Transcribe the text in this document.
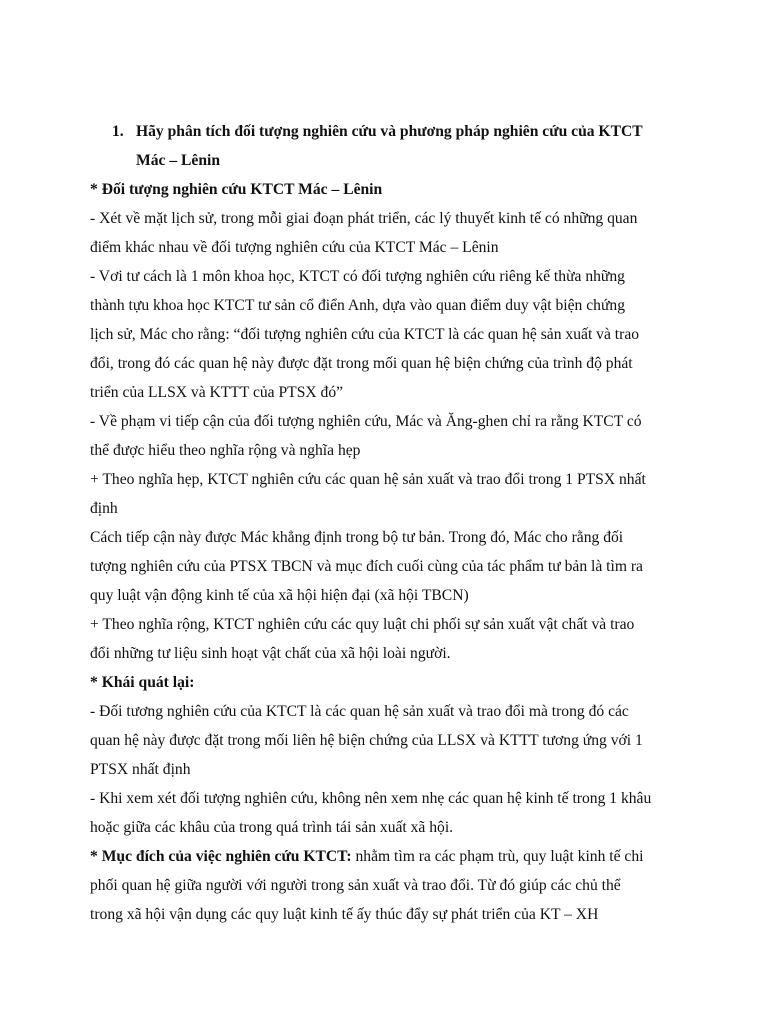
1. Hãy phân tích đối tượng nghiên cứu và phương pháp nghiên cứu của KTCT
Mác – Lênin
* Đối tượng nghiên cứu KTCT Mác – Lênin
- Xét về mặt lịch sử, trong mỗi giai đoạn phát triển, các lý thuyết kinh tế có những quan
điểm khác nhau về đối tượng nghiên cứu của KTCT Mác – Lênin
- Vơi tư cách là 1 môn khoa học, KTCT có đối tượng nghiên cứu riêng kế thừa những
thành tựu khoa học KTCT tư sản cổ điển Anh, dựa vào quan điểm duy vật biện chứng
lịch sử, Mác cho rằng: “đối tượng nghiên cứu của KTCT là các quan hệ sản xuất và trao
đổi, trong đó các quan hệ này được đặt trong mối quan hệ biện chứng của trình độ phát
triển của LLSX và KTTT của PTSX đó”
- Về phạm vi tiếp cận của đối tượng nghiên cứu, Mác và Ăng-ghen chỉ ra rằng KTCT có
thể được hiểu theo nghĩa rộng và nghĩa hẹp
+ Theo nghĩa hẹp, KTCT nghiên cứu các quan hệ sản xuất và trao đổi trong 1 PTSX nhất
định
Cách tiếp cận này được Mác khẳng định trong bộ tư bản. Trong đó, Mác cho rằng đối
tượng nghiên cứu của PTSX TBCN và mục đích cuối cùng của tác phẩm tư bản là tìm ra
quy luật vận động kinh tế của xã hội hiện đại (xã hội TBCN)
+ Theo nghĩa rộng, KTCT nghiên cứu các quy luật chi phối sự sản xuất vật chất và trao
đổi những tư liệu sinh hoạt vật chất của xã hội loài người.
* Khái quát lại:
- Đối tương nghiên cứu của KTCT là các quan hệ sản xuất và trao đổi mà trong đó các
quan hệ này được đặt trong mối liên hệ biện chứng của LLSX và KTTT tương ứng với 1
PTSX nhất định
- Khi xem xét đối tượng nghiên cứu, không nên xem nhẹ các quan hệ kinh tế trong 1 khâu
hoặc giữa các khâu của trong quá trình tái sản xuất xã hội.
* Mục đích của việc nghiên cứu KTCT: nhằm tìm ra các phạm trù, quy luật kinh tế chi
phối quan hệ giữa người với người trong sản xuất và trao đổi. Từ đó giúp các chủ thể
trong xã hội vận dụng các quy luật kinh tế ấy thúc đẩy sự phát triển của KT – XH
